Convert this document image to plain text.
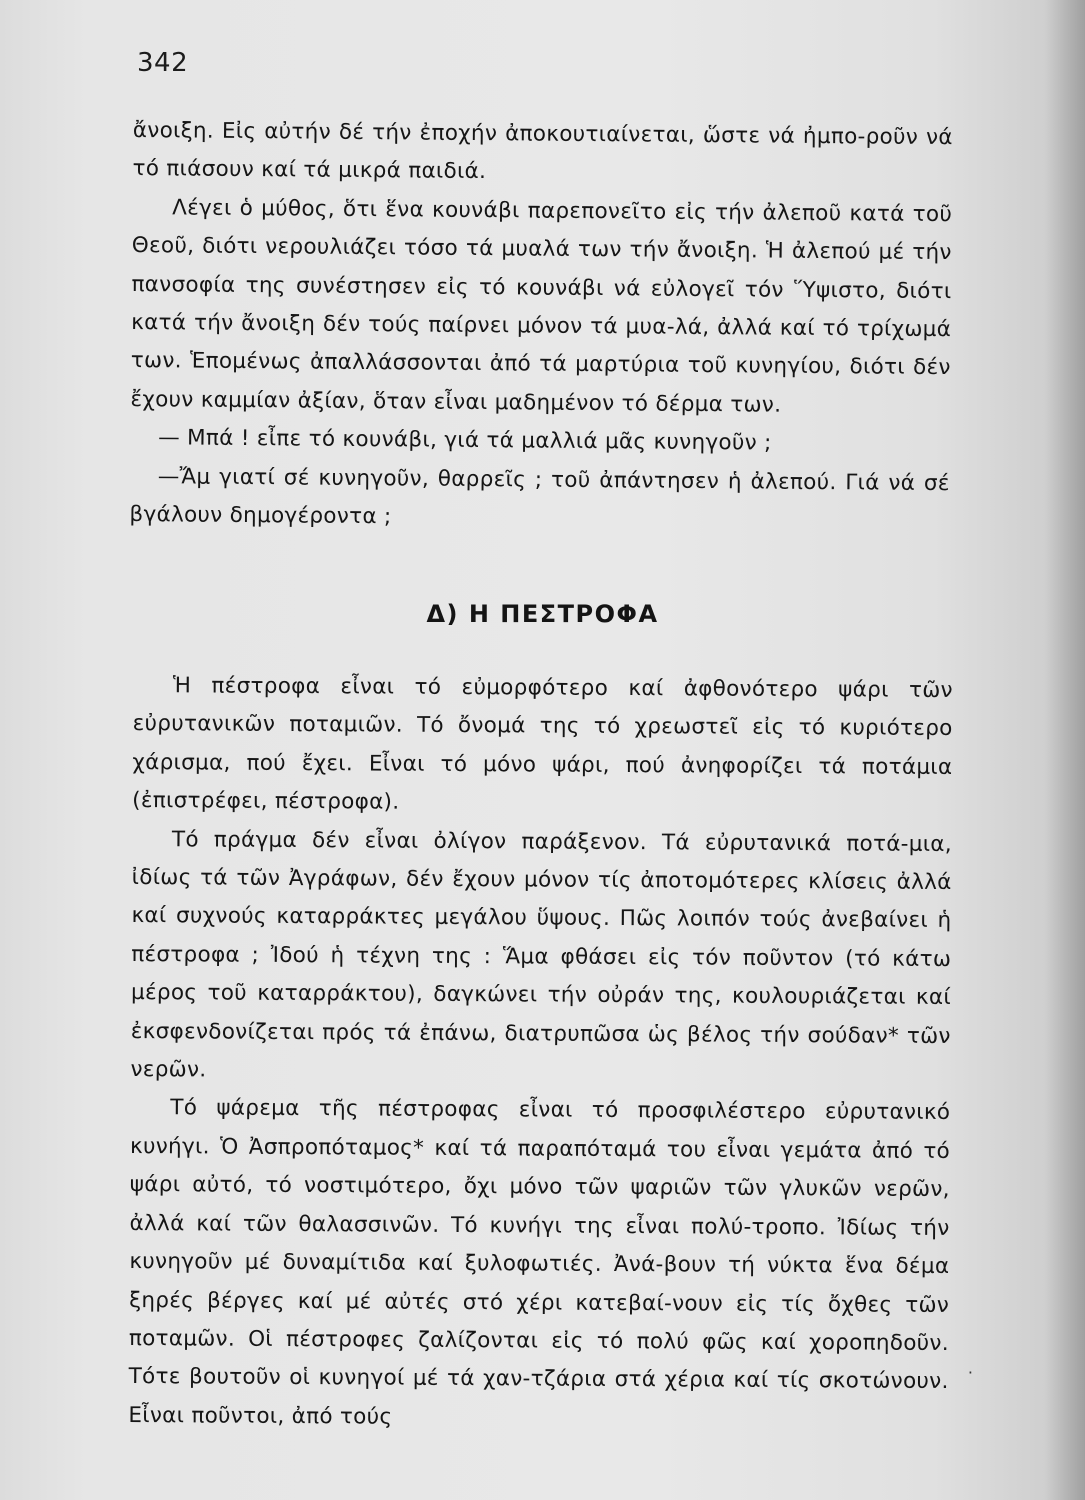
342

ἄνοιξη. Εἰς αὐτήν δέ τήν ἐποχήν ἀποκουτιαίνεται, ὥστε νά ἠμπο-ροῦν νά τό πιάσουν καί τά μικρά παιδιά.

Λέγει ὁ μύθος, ὅτι ἕνα κουνάβι παρεπονεῖτο εἰς τήν ἀλεποῦ κατά τοῦ Θεοῦ, διότι νερουλιάζει τόσο τά μυαλά των τήν ἄνοιξη. Ἡ ἀλεπού μέ τήν πανσοφία της συνέστησεν εἰς τό κουνάβι νά εὐλογεῖ τόν Ὕψιστο, διότι κατά τήν ἄνοιξη δέν τούς παίρνει μόνον τά μυα-λά, ἀλλά καί τό τρίχωμά των. Ἑπομένως ἀπαλλάσσονται ἀπό τά μαρτύρια τοῦ κυνηγίου, διότι δέν ἔχουν καμμίαν ἀξίαν, ὅταν εἶναι μαδημένον τό δέρμα των.

— Μπά ! εἶπε τό κουνάβι, γιά τά μαλλιά μᾶς κυνηγοῦν ;

—Ἄμ γιατί σέ κυνηγοῦν, θαρρεῖς ; τοῦ ἀπάντησεν ἡ ἀλεπού. Γιά νά σέ βγάλουν δημογέροντα ;

Δ) Η ΠΕΣΤΡΟΦΑ

Ἡ πέστροφα εἶναι τό εὐμορφότερο καί ἀφθονότερο ψάρι τῶν εὐρυτανικῶν ποταμιῶν. Τό ὄνομά της τό χρεωστεῖ εἰς τό κυριότερο χάρισμα, πού ἔχει. Εἶναι τό μόνο ψάρι, πού ἀνηφορίζει τά ποτάμια (ἐπιστρέφει, πέστροφα).

Τό πράγμα δέν εἶναι ὀλίγον παράξενον. Τά εὐρυτανικά ποτά-μια, ἰδίως τά τῶν Ἀγράφων, δέν ἔχουν μόνον τίς ἀποτομότερες κλίσεις ἀλλά καί συχνούς καταρράκτες μεγάλου ὕψους. Πῶς λοιπόν τούς ἀνεβαίνει ἡ πέστροφα ; Ἰδού ἡ τέχνη της : Ἅμα φθάσει εἰς τόν ποῦντον (τό κάτω μέρος τοῦ καταρράκτου), δαγκώνει τήν οὐράν της, κουλουριάζεται καί ἐκσφενδονίζεται πρός τά ἐπάνω, διατρυπῶσα ὡς βέλος τήν σούδαν* τῶν νερῶν.

Τό ψάρεμα τῆς πέστροφας εἶναι τό προσφιλέστερο εὐρυτανικό κυνήγι. Ὁ Ἀσπροπόταμος* καί τά παραπόταμά του εἶναι γεμάτα ἀπό τό ψάρι αὐτό, τό νοστιμότερο, ὄχι μόνο τῶν ψαριῶν τῶν γλυκῶν νερῶν, ἀλλά καί τῶν θαλασσινῶν. Τό κυνήγι της εἶναι πολύ-τροπο. Ἰδίως τήν κυνηγοῦν μέ δυναμίτιδα καί ξυλοφωτιές. Ἀνά-βουν τή νύκτα ἕνα δέμα ξηρές βέργες καί μέ αὐτές στό χέρι κατεβαί-νουν εἰς τίς ὄχθες τῶν ποταμῶν. Οἱ πέστροφες ζαλίζονται εἰς τό πολύ φῶς καί χοροπηδοῦν. Τότε βουτοῦν οἱ κυνηγοί μέ τά χαν-τζάρια στά χέρια καί τίς σκοτώνουν. Εἶναι ποῦντοι, ἀπό τούς

·
